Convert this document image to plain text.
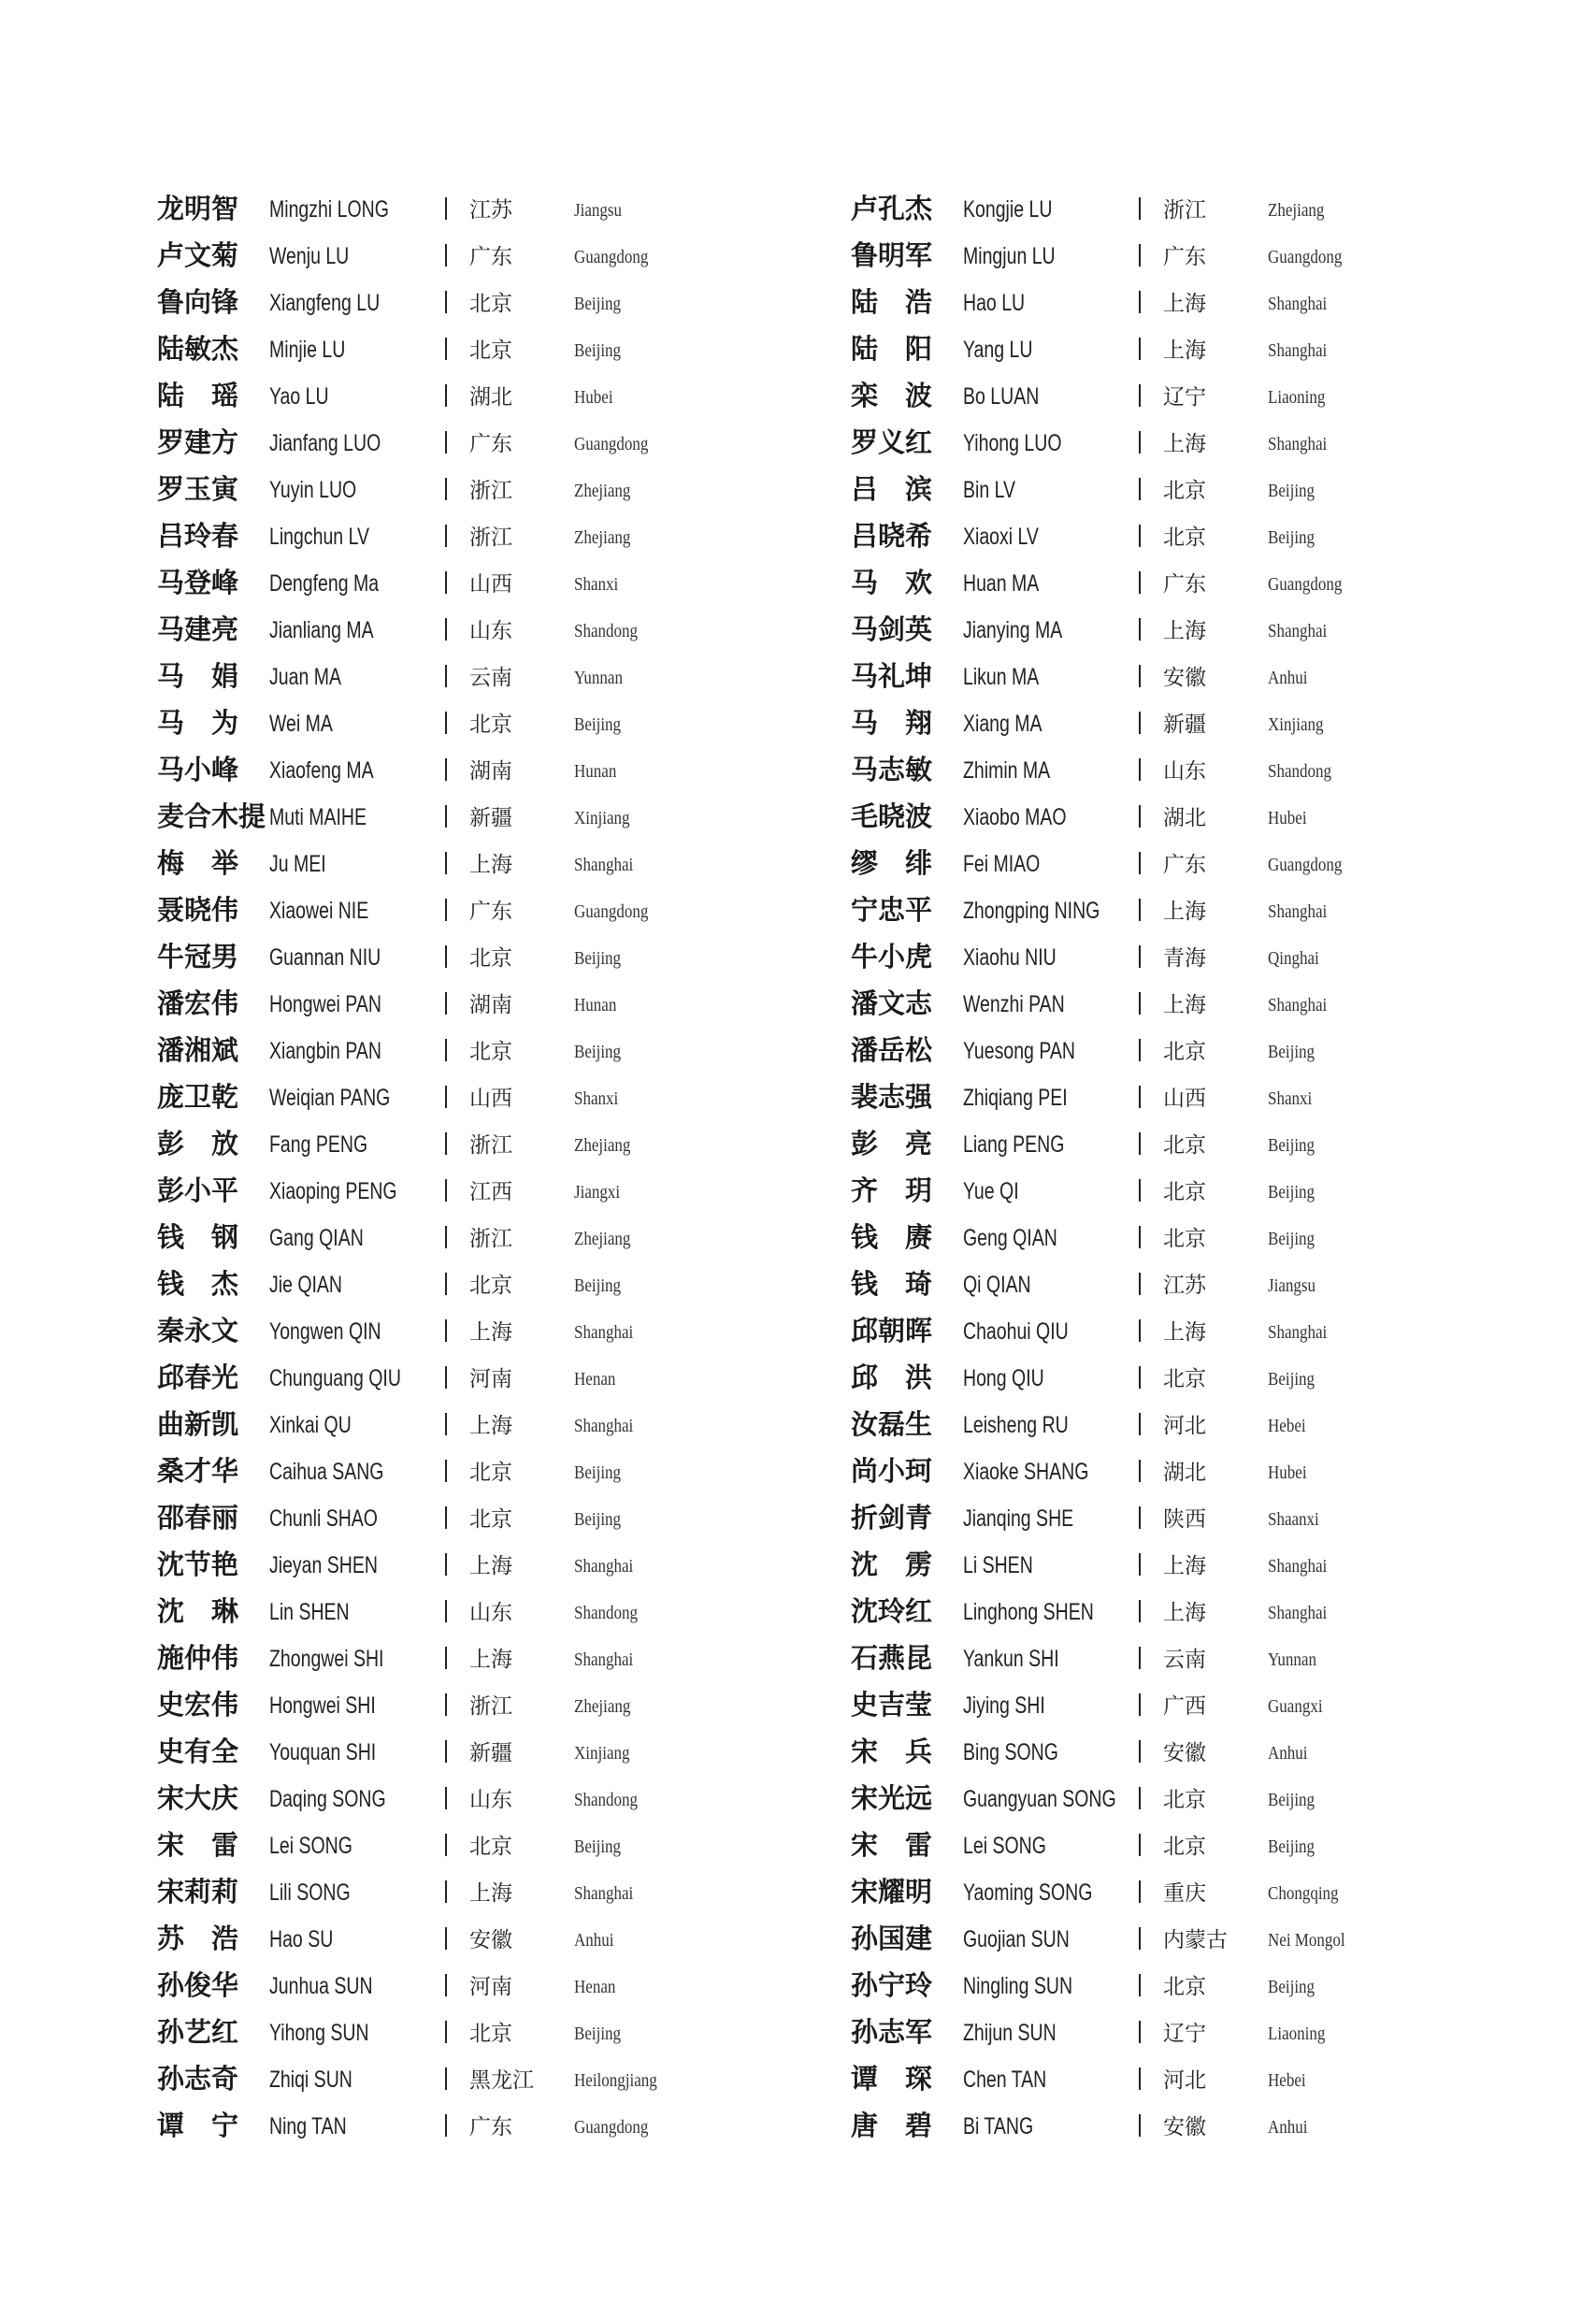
龙明智	Mingzhi LONG	江苏	Jiangsu
卢文菊	Wenju LU	广东	Guangdong
鲁向锋	Xiangfeng LU	北京	Beijing
陆敏杰	Minjie LU	北京	Beijing
陆　瑶	Yao LU	湖北	Hubei
罗建方	Jianfang LUO	广东	Guangdong
罗玉寅	Yuyin LUO	浙江	Zhejiang
吕玲春	Lingchun LV	浙江	Zhejiang
马登峰	Dengfeng Ma	山西	Shanxi
马建亮	Jianliang MA	山东	Shandong
马　娟	Juan MA	云南	Yunnan
马　为	Wei MA	北京	Beijing
马小峰	Xiaofeng MA	湖南	Hunan
麦合木提 Muti MAIHE	新疆	Xinjiang
梅　举	Ju MEI	上海	Shanghai
聂晓伟	Xiaowei NIE	广东	Guangdong
牛冠男	Guannan NIU	北京	Beijing
潘宏伟	Hongwei PAN	湖南	Hunan
潘湘斌	Xiangbin PAN	北京	Beijing
庞卫乾	Weiqian PANG	山西	Shanxi
彭　放	Fang PENG	浙江	Zhejiang
彭小平	Xiaoping PENG	江西	Jiangxi
钱　钢	Gang QIAN	浙江	Zhejiang
钱　杰	Jie QIAN	北京	Beijing
秦永文	Yongwen QIN	上海	Shanghai
邱春光	Chunguang QIU	河南	Henan
曲新凯	Xinkai QU	上海	Shanghai
桑才华	Caihua SANG	北京	Beijing
邵春丽	Chunli SHAO	北京	Beijing
沈节艳	Jieyan SHEN	上海	Shanghai
沈　琳	Lin SHEN	山东	Shandong
施仲伟	Zhongwei SHI	上海	Shanghai
史宏伟	Hongwei SHI	浙江	Zhejiang
史有全	Youquan SHI	新疆	Xinjiang
宋大庆	Daqing SONG	山东	Shandong
宋　雷	Lei SONG	北京	Beijing
宋莉莉	Lili SONG	上海	Shanghai
苏　浩	Hao SU	安徽	Anhui
孙俊华	Junhua SUN	河南	Henan
孙艺红	Yihong SUN	北京	Beijing
孙志奇	Zhiqi SUN	黑龙江 Heilongjiang
谭　宁	Ning TAN	广东	Guangdong
卢孔杰	Kongjie LU	浙江	Zhejiang
鲁明军	Mingjun LU	广东	Guangdong
陆　浩	Hao LU	上海	Shanghai
陆　阳	Yang LU	上海	Shanghai
栾　波	Bo LUAN	辽宁	Liaoning
罗义红	Yihong LUO	上海	Shanghai
吕　滨	Bin LV	北京	Beijing
吕晓希	Xiaoxi LV	北京	Beijing
马　欢	Huan MA	广东	Guangdong
马剑英	Jianying MA	上海	Shanghai
马礼坤	Likun MA	安徽	Anhui
马　翔	Xiang MA	新疆	Xinjiang
马志敏	Zhimin MA	山东	Shandong
毛晓波	Xiaobo MAO	湖北	Hubei
缪　绯	Fei MIAO	广东	Guangdong
宁忠平	Zhongping NING	上海	Shanghai
牛小虎	Xiaohu NIU	青海	Qinghai
潘文志	Wenzhi PAN	上海	Shanghai
潘岳松	Yuesong PAN	北京	Beijing
裴志强	Zhiqiang PEI	山西	Shanxi
彭　亮	Liang PENG	北京	Beijing
齐　玥	Yue QI	北京	Beijing
钱　赓	Geng QIAN	北京	Beijing
钱　琦	Qi QIAN	江苏	Jiangsu
邱朝晖	Chaohui QIU	上海	Shanghai
邱　洪	Hong QIU	北京	Beijing
汝磊生	Leisheng RU	河北	Hebei
尚小珂	Xiaoke SHANG	湖北	Hubei
折剑青	Jianqing SHE	陕西	Shaanxi
沈　雳	Li SHEN	上海	Shanghai
沈玲红	Linghong SHEN	上海	Shanghai
石燕昆	Yankun SHI	云南	Yunnan
史吉莹	Jiying SHI	广西	Guangxi
宋　兵	Bing SONG	安徽	Anhui
宋光远	Guangyuan SONG 北京	Beijing
宋　雷	Lei SONG	北京	Beijing
宋耀明	Yaoming SONG	重庆	Chongqing
孙国建	Guojian SUN	内蒙古 Nei Mongol
孙宁玲	Ningling SUN	北京	Beijing
孙志军	Zhijun SUN	辽宁	Liaoning
谭　琛	Chen TAN	河北	Hebei
唐　碧	Bi TANG	安徽	Anhui
